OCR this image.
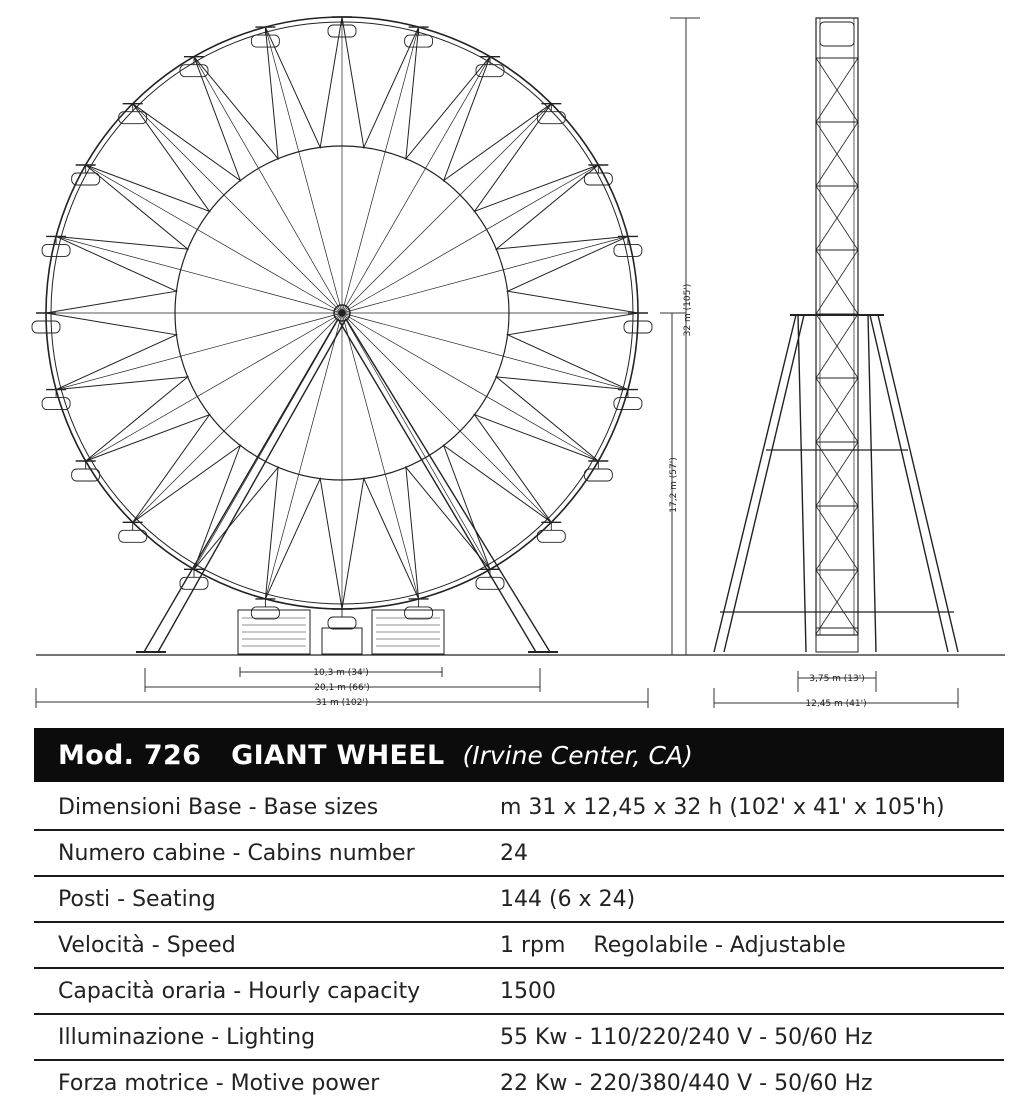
10,3 m (34')
20,1 m (66')
31 m (102')
3,75 m (13')
12,45 m (41')
32 m (105')
17,2 m (57')
Mod. 726 GIANT WHEEL (Irvine Center, CA)
Dimensioni Base - Base sizes	m 31 x 12,45 x 32 h (102' x 41' x 105'h)
Numero cabine - Cabins number	24
Posti - Seating	144 (6 x 24)
Velocità - Speed	1 rpm    Regolabile - Adjustable
Capacità oraria - Hourly capacity	1500
Illuminazione - Lighting	55 Kw - 110/220/240 V - 50/60 Hz
Forza motrice - Motive power	22 Kw - 220/380/440 V - 50/60 Hz
